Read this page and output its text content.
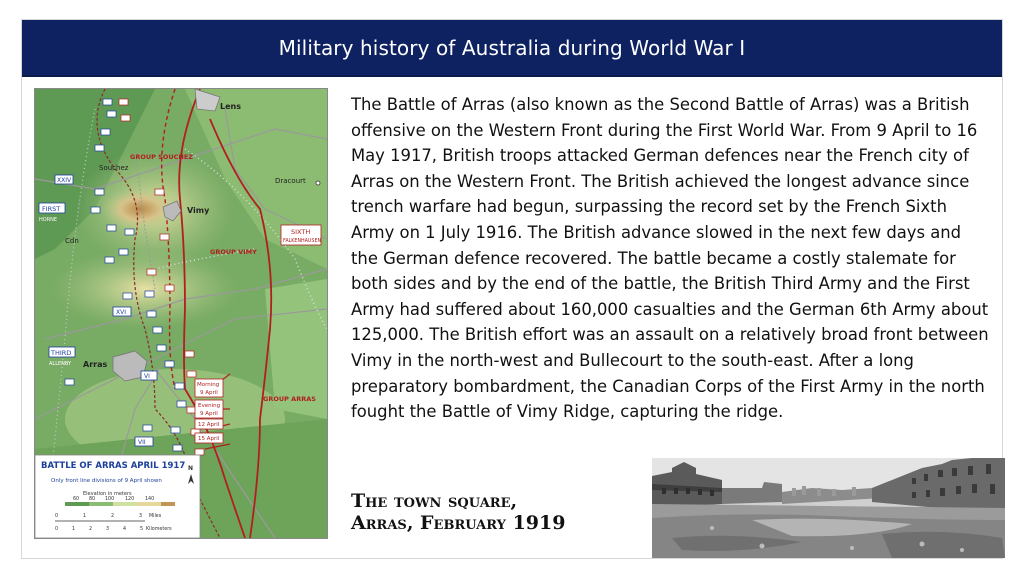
Military history of Australia during World War I
Lens
Vimy
Souchez
Dracourt
Cdn
Arras
GROUP SOUCHEZ
GROUP VIMY
GROUP ARRAS
FIRST
HORNE
XXIV
THIRD
ALLENBY
XVI
VI
VII
SIXTH
FALKENHAUSEN
Morning
9 April
Evening
9 April
12 April
15 April
BATTLE OF ARRAS APRIL 1917
Only front line divisions of 9 April shown
Elevation in meters
60 80 100 120 140
0	1	2	3 Miles
0	1	2	3	4	5 Kilometers
N

The Battle of Arras (also known as the Second Battle of Arras) was a British offensive on the Western Front during the First World War. From 9 April to 16 May 1917, British troops attacked German defences near the French city of Arras on the Western Front. The British achieved the longest advance since trench warfare had begun, surpassing the record set by the French Sixth Army on 1 July 1916. The British advance slowed in the next few days and the German defence recovered. The battle became a costly stalemate for both sides and by the end of the battle, the British Third Army and the First Army had suffered about 160,000 casualties and the German 6th Army about 125,000. The British effort was an assault on a relatively broad front between Vimy in the north-west and Bullecourt to the south-east. After a long preparatory bombardment, the Canadian Corps of the First Army in the north fought the Battle of Vimy Ridge, capturing the ridge.

The town square,
Arras, February 1919
